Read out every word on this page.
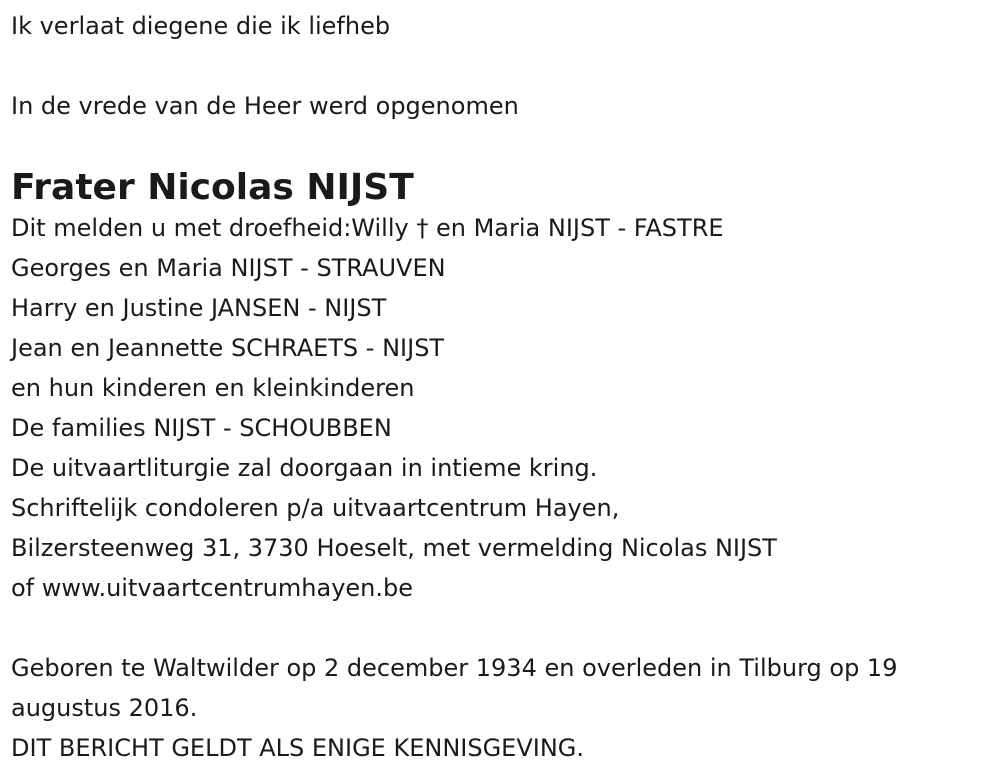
Ik verlaat diegene die ik liefheb
In de vrede van de Heer werd opgenomen
Frater Nicolas NIJST
Dit melden u met droefheid:Willy † en Maria NIJST - FASTRE
Georges en Maria NIJST - STRAUVEN
Harry en Justine JANSEN - NIJST
Jean en Jeannette SCHRAETS - NIJST
en hun kinderen en kleinkinderen
De families NIJST - SCHOUBBEN
De uitvaartliturgie zal doorgaan in intieme kring.
Schriftelijk condoleren p/a uitvaartcentrum Hayen,
Bilzersteenweg 31, 3730 Hoeselt, met vermelding Nicolas NIJST
of www.uitvaartcentrumhayen.be
Geboren te Waltwilder op 2 december 1934 en overleden in Tilburg op 19 augustus 2016.
DIT BERICHT GELDT ALS ENIGE KENNISGEVING.
